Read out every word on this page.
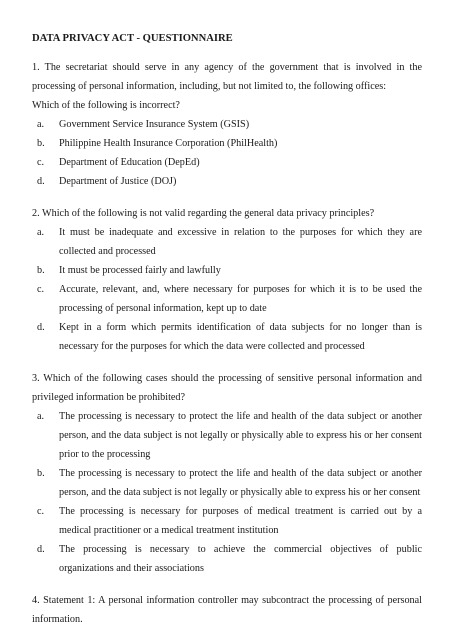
DATA PRIVACY ACT - QUESTIONNAIRE

1. The secretariat should serve in any agency of the government that is involved in the processing of personal information, including, but not limited to, the following offices:

Which of the following is incorrect?

a.	Government Service Insurance System (GSIS)
b.	Philippine Health Insurance Corporation (PhilHealth)
c.	Department of Education (DepEd)
d.	Department of Justice (DOJ)

2. Which of the following is not valid regarding the general data privacy principles?

a.	It must be inadequate and excessive in relation to the purposes for which they are collected and processed
b.	It must be processed fairly and lawfully
c.	Accurate, relevant, and, where necessary for purposes for which it is to be used the processing of personal information, kept up to date
d.	Kept in a form which permits identification of data subjects for no longer than is necessary for the purposes for which the data were collected and processed

3. Which of the following cases should the processing of sensitive personal information and privileged information be prohibited?

a.	The processing is necessary to protect the life and health of the data subject or another person, and the data subject is not legally or physically able to express his or her consent prior to the processing
b.	The processing is necessary to protect the life and health of the data subject or another person, and the data subject is not legally or physically able to express his or her consent
c.	The processing is necessary for purposes of medical treatment is carried out by a medical practitioner or a medical treatment institution
d.	The processing is necessary to achieve the commercial objectives of public organizations and their associations

4. Statement 1: A personal information controller may subcontract the processing of personal information.
